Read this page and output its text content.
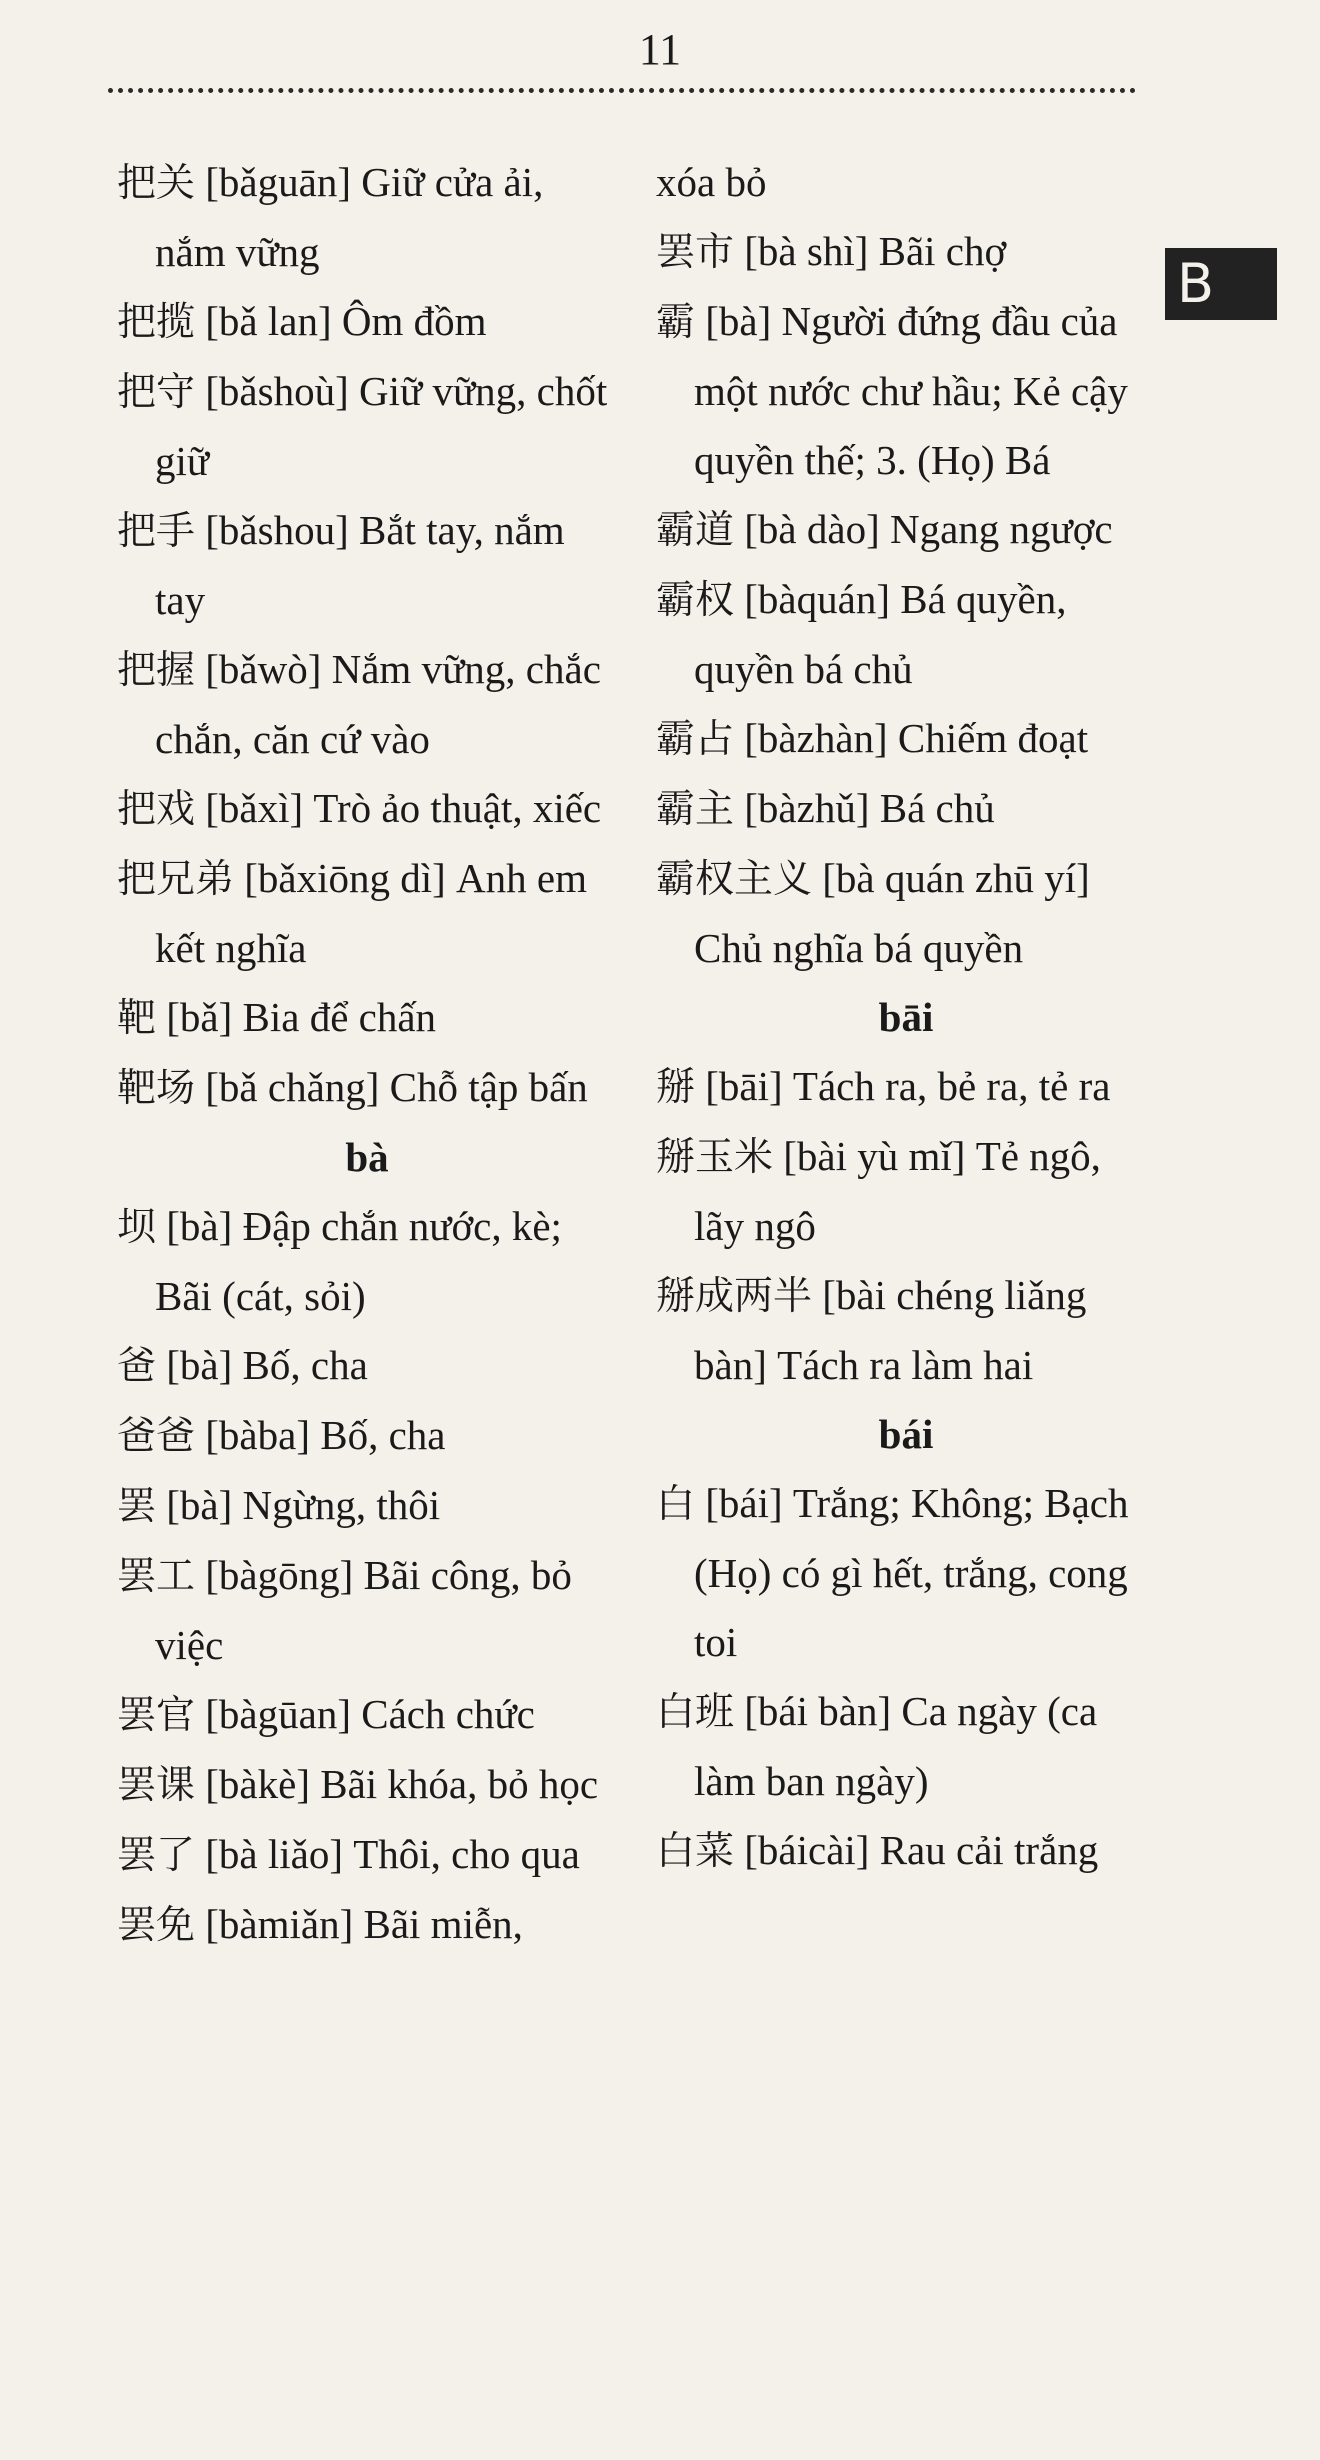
11
B
把关 [bǎguān] Giữ cửa ải, nắm vững
把揽 [bǎ lan] Ôm đồm
把守 [bǎshoù] Giữ vững, chốt giữ
把手 [bǎshou] Bắt tay, nắm tay
把握 [bǎwò] Nắm vững, chắc chắn, căn cứ vào
把戏 [bǎxì] Trò ảo thuật, xiếc
把兄弟 [bǎxiōng dì] Anh em kết nghĩa
靶 [bǎ] Bia để chấn
靶场 [bǎ chǎng] Chỗ tập bấn
bà
坝 [bà] Đập chắn nước, kè; Bãi (cát, sỏi)
爸 [bà] Bố, cha
爸爸 [bàba] Bố, cha
罢 [bà] Ngừng, thôi
罢工 [bàgōng] Bãi công, bỏ việc
罢官 [bàgūan] Cách chức
罢课 [bàkè] Bãi khóa, bỏ học
罢了 [bà liǎo] Thôi, cho qua
罢免 [bàmiǎn] Bãi miễn,
xóa bỏ
罢市 [bà shì] Bãi chợ
霸 [bà] Người đứng đầu của một nước chư hầu; Kẻ cậy quyền thế; 3. (Họ) Bá
霸道 [bà dào] Ngang ngược
霸权 [bàquán] Bá quyền, quyền bá chủ
霸占 [bàzhàn] Chiếm đoạt
霸主 [bàzhǔ] Bá chủ
霸权主义 [bà quán zhū yí] Chủ nghĩa bá quyền
bāi
掰 [bāi] Tách ra, bẻ ra, tẻ ra
掰玉米 [bài yù mǐ] Tẻ ngô, lãy ngô
掰成两半 [bài chéng liǎng bàn] Tách ra làm hai
bái
白 [bái] Trắng; Không; Bạch (Họ) có gì hết, trắng, cong toi
白班 [bái bàn] Ca ngày (ca làm ban ngày)
白菜 [báicài] Rau cải trắng
